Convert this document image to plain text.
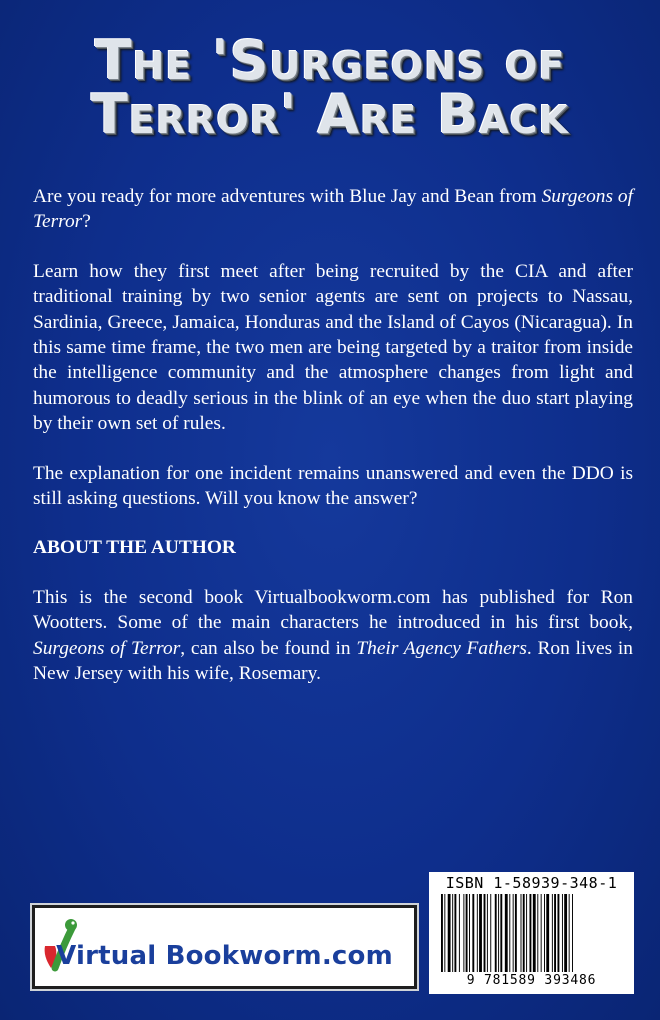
The 'Surgeons of
Terror' Are Back

Are you ready for more adventures with Blue Jay and Bean from Surgeons of Terror?

Learn how they first meet after being recruited by the CIA and after traditional training by two senior agents are sent on projects to Nassau, Sardinia, Greece, Jamaica, Honduras and the Island of Cayos (Nicaragua). In this same time frame, the two men are being targeted by a traitor from inside the intelligence community and the atmosphere changes from light and humorous to deadly serious in the blink of an eye when the duo start playing by their own set of rules.

The explanation for one incident remains unanswered and even the DDO is still asking questions. Will you know the answer?

ABOUT THE AUTHOR

This is the second book Virtualbookworm.com has published for Ron Wootters. Some of the main characters he introduced in his first book, Surgeons of Terror, can also be found in Their Agency Fathers. Ron lives in New Jersey with his wife, Rosemary.

Virtual Bookworm.com
ISBN 1-58939-348-1
9 781589 393486
